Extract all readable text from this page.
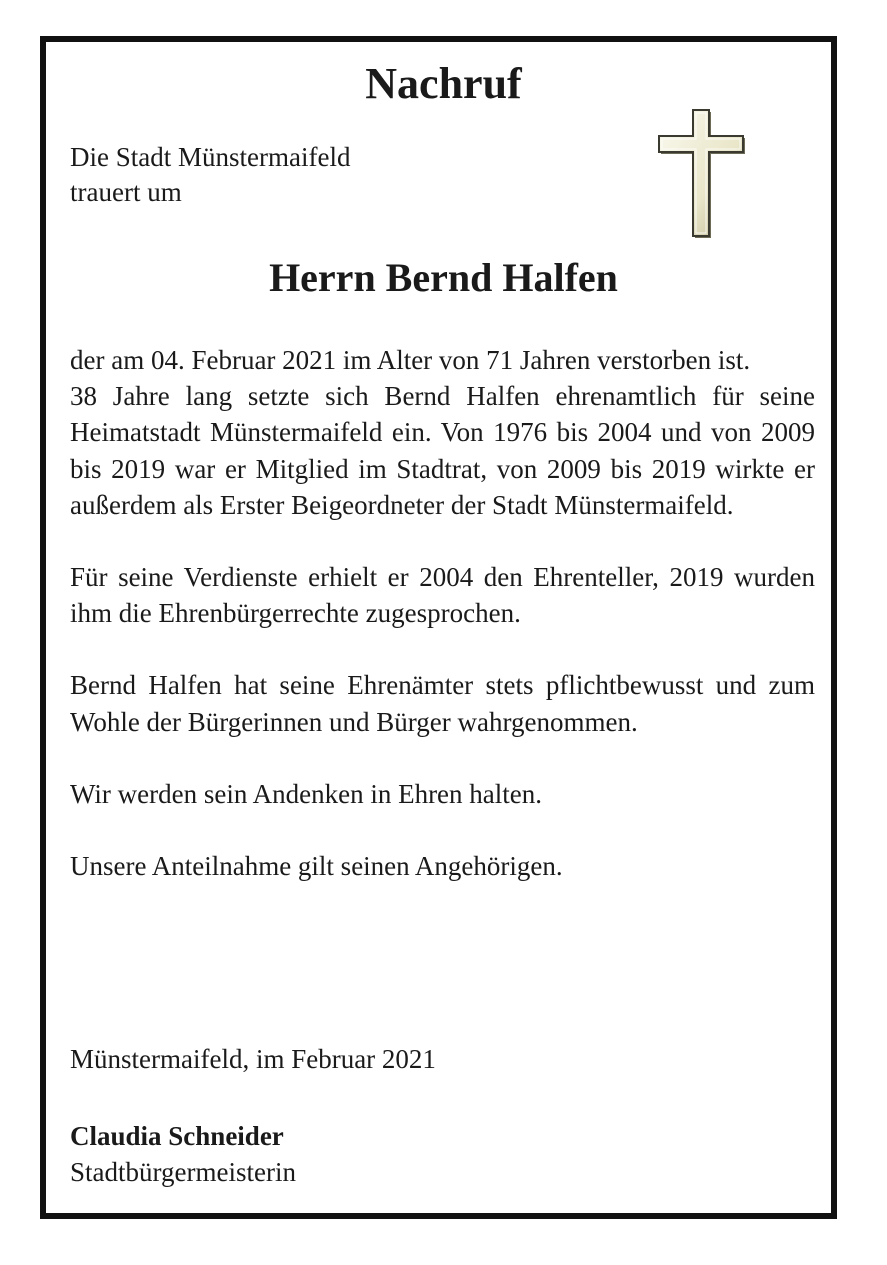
Nachruf
Die Stadt Münstermaifeld
trauert um
Herrn Bernd Halfen

der am 04. Februar 2021 im Alter von 71 Jahren verstorben ist.

38 Jahre lang setzte sich Bernd Halfen ehrenamtlich für seine Heimatstadt Münstermaifeld ein. Von 1976 bis 2004 und von 2009 bis 2019 war er Mitglied im Stadtrat, von 2009 bis 2019 wirkte er außerdem als Erster Beigeordneter der Stadt Münstermaifeld.

Für seine Verdienste erhielt er 2004 den Ehrenteller, 2019 wurden ihm die Ehrenbürgerrechte zugesprochen.

Bernd Halfen hat seine Ehrenämter stets pflichtbewusst und zum Wohle der Bürgerinnen und Bürger wahrgenommen.

Wir werden sein Andenken in Ehren halten.

Unsere Anteilnahme gilt seinen Angehörigen.

Münstermaifeld, im Februar 2021
Claudia Schneider
Stadtbürgermeisterin
